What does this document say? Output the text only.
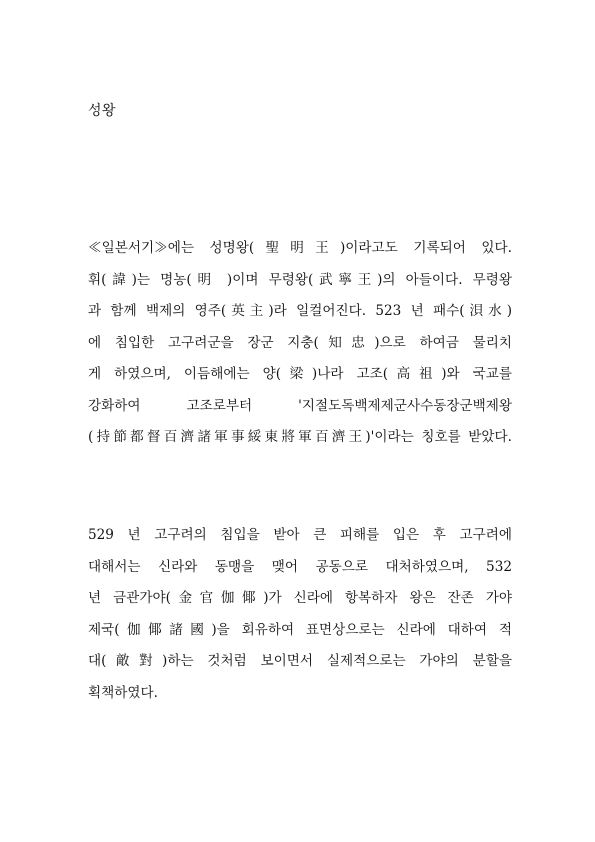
성왕
≪일본서기≫에는 성명왕(聖明王)이라고도 기록되어 있다.
휘(諱)는 명농(明 )이며 무령왕(武寧王)의 아들이다. 무령왕
과 함께 백제의 영주(英主)라 일컬어진다. 523 년 패수(浿水)
에 침입한 고구려군을 장군 지충(知忠)으로 하여금 물리치
게 하였으며, 이듬해에는 양(梁)나라 고조(高祖)와 국교를
강화하여 고조로부터 '지절도독백제제군사수동장군백제왕
(持節都督百濟諸軍事綏東將軍百濟王)'이라는 칭호를 받았다.
529 년 고구려의 침입을 받아 큰 피해를 입은 후 고구려에
대해서는 신라와 동맹을 맺어 공동으로 대처하였으며, 532
년 금관가야(金官伽倻)가 신라에 항복하자 왕은 잔존 가야
제국(伽倻諸國)을 회유하여 표면상으로는 신라에 대하여 적
대(敵對)하는 것처럼 보이면서 실제적으로는 가야의 분할을
획책하였다.
